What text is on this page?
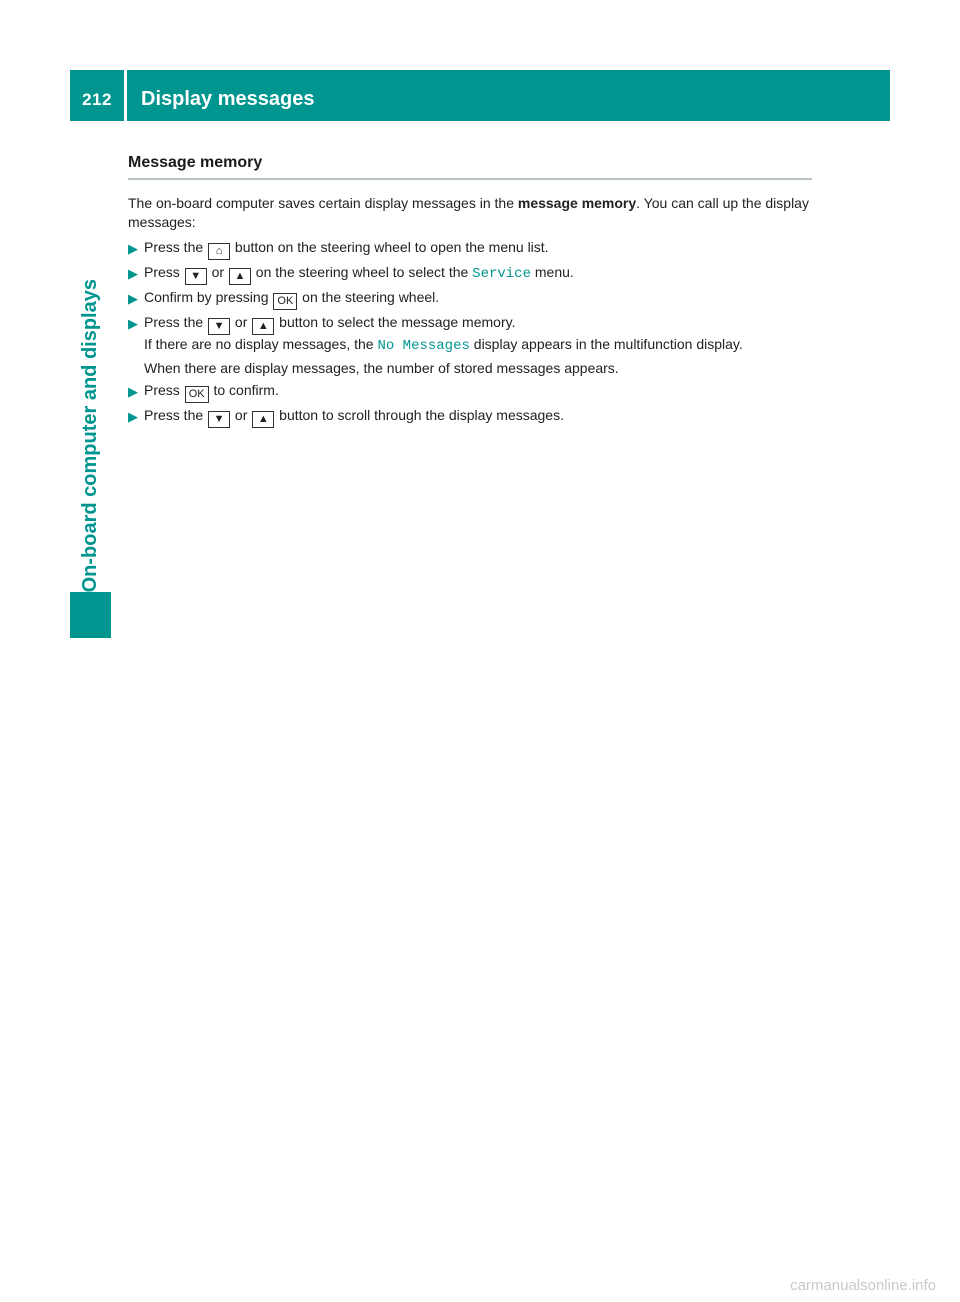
212	Display messages
On-board computer and displays
Message memory

The on-board computer saves certain display messages in the message memory. You can call up the display messages:

▶ Press the ⌂ button on the steering wheel to open the menu list.
▶ Press ▼ or ▲ on the steering wheel to select the Service menu.
▶ Confirm by pressing OK on the steering wheel.
▶ Press the ▼ or ▲ button to select the message memory.
If there are no display messages, the No Messages display appears in the multifunction display.
When there are display messages, the number of stored messages appears.
▶ Press OK to confirm.
▶ Press the ▼ or ▲ button to scroll through the display messages.
carmanualsonline.info
